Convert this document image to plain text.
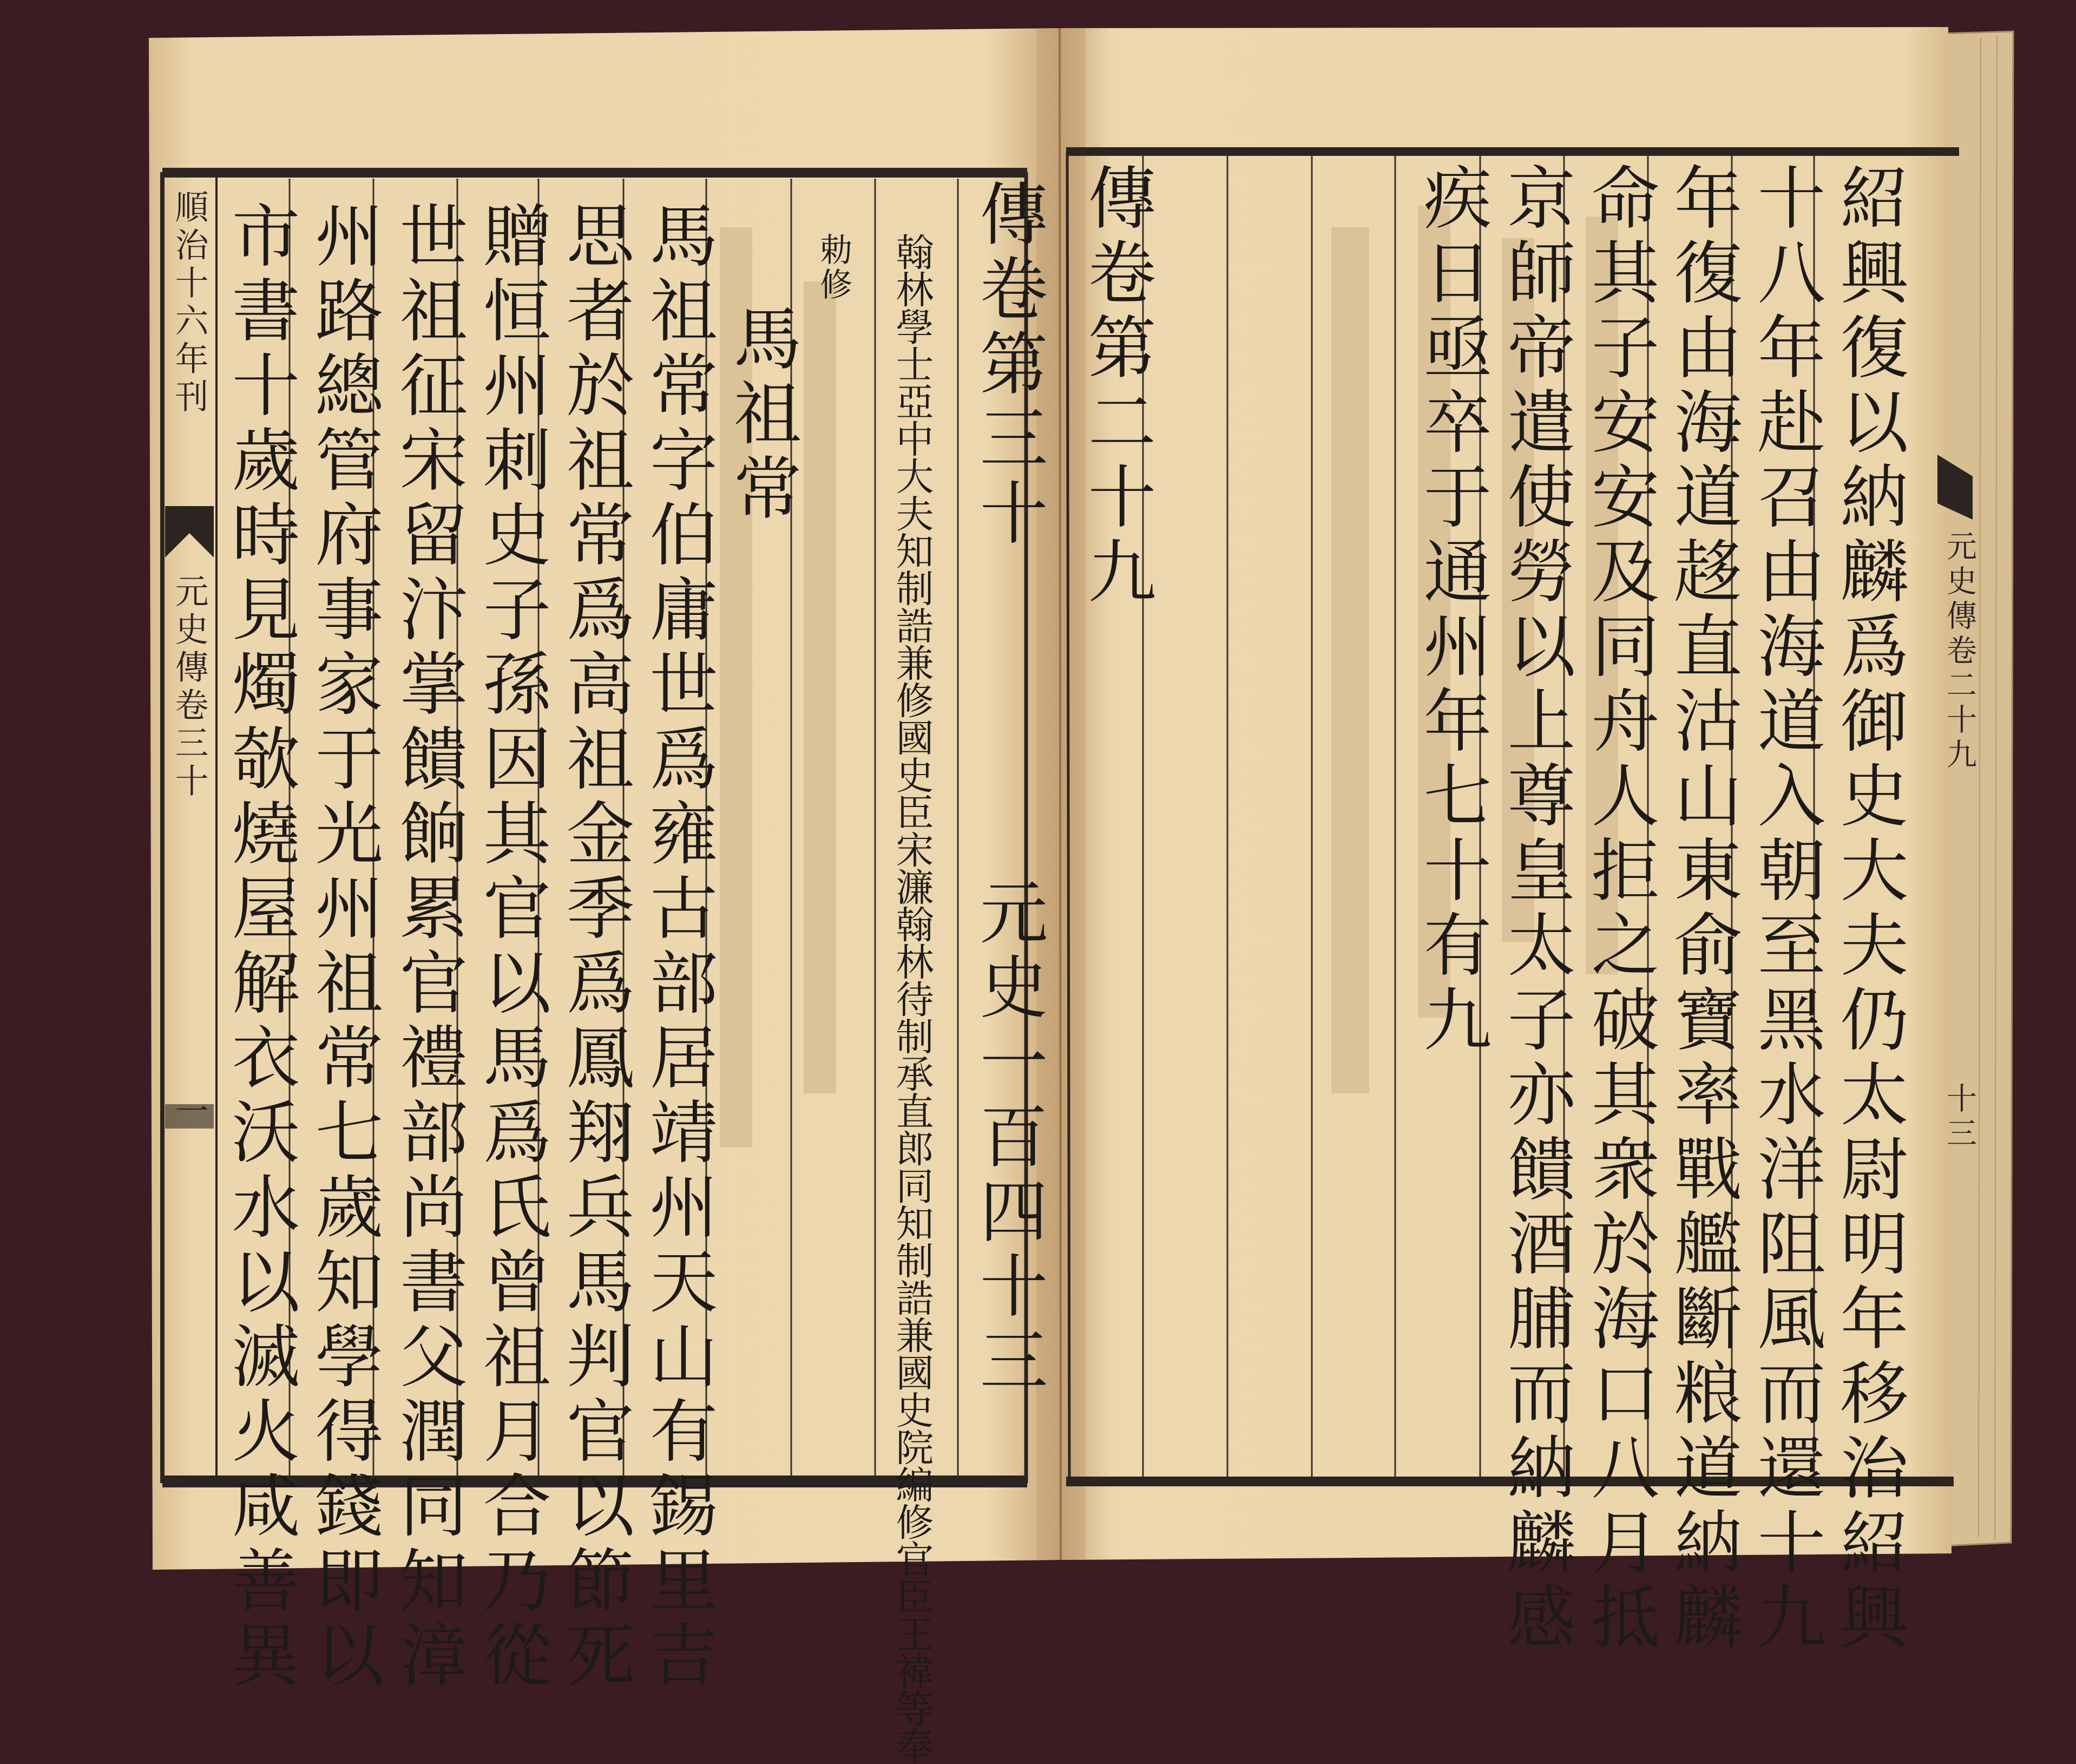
順治十六年刊
元史傳卷三十
一 市書十歲時見燭欹燒屋解衣沃水以滅火咸善異 州路總管府事家于光州祖常七歲知學得錢即以 世祖征宋留汴掌饋餉累官禮部尚書父潤同知漳 贈恒州刺史子孫因其官以馬爲氏曾祖月合乃從 思者於祖常爲高祖金季爲鳳翔兵馬判官以節死 馬祖常字伯庸世爲雍古部居靖州天山有錫里吉 馬祖常
勅修 翰林學士亞中大夫知制誥兼修國史臣宋濂翰林待制承直郎同知制誥兼國史院編修官臣王褘等奉 傳卷第三十
元史一百四十三
傳卷第二十九	疾日亟卒于通州年七十有九 京師帝遣使勞以上尊皇太子亦饋酒脯而納麟感 命其子安安及同舟人拒之破其衆於海口八月抵 年復由海道趍直沽山東俞寶率戰艦斷粮道納麟 十八年赴召由海道入朝至黑水洋阻風而還十九 紹興復以納麟爲御史大夫仍太尉明年移治紹興 元史傳卷二十九
十三
